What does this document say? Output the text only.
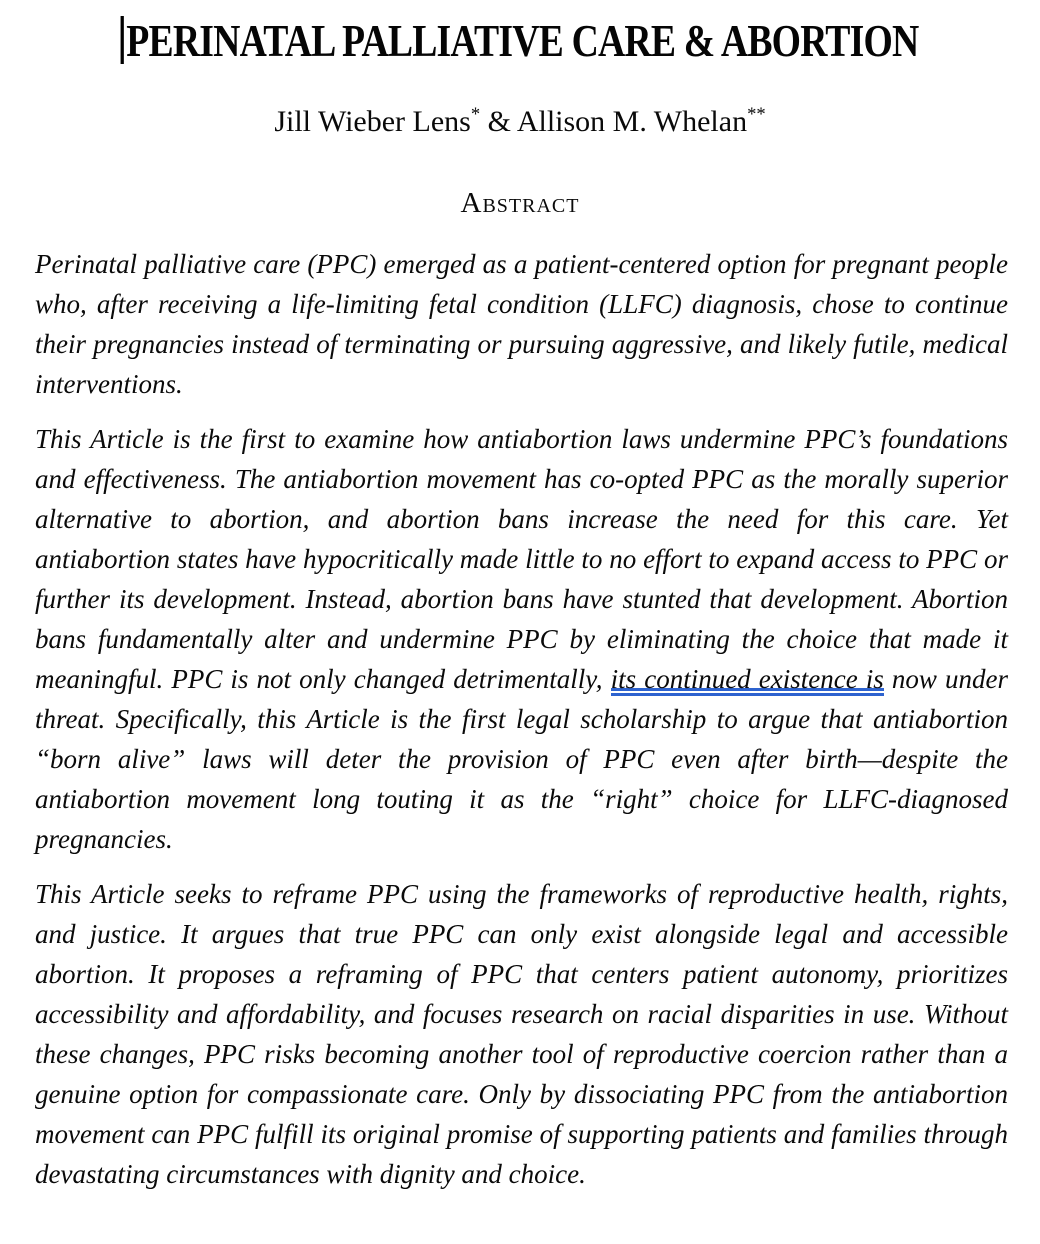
PERINATAL PALLIATIVE CARE & ABORTION
Jill Wieber Lens* & Allison M. Whelan**
Abstract

Perinatal palliative care (PPC) emerged as a patient-centered option for pregnant people who, after receiving a life-limiting fetal condition (LLFC) diagnosis, chose to continue their pregnancies instead of terminating or pursuing aggressive, and likely futile, medical interventions.

This Article is the first to examine how antiabortion laws undermine PPC’s foundations and effectiveness. The antiabortion movement has co-opted PPC as the morally superior alternative to abortion, and abortion bans increase the need for this care. Yet antiabortion states have hypocritically made little to no effort to expand access to PPC or further its development. Instead, abortion bans have stunted that development. Abortion bans fundamentally alter and undermine PPC by eliminating the choice that made it meaningful. PPC is not only changed detrimentally, its continued existence is now under threat. Specifically, this Article is the first legal scholarship to argue that antiabortion “born alive” laws will deter the provision of PPC even after birth—despite the antiabortion movement long touting it as the “right” choice for LLFC-diagnosed pregnancies.

This Article seeks to reframe PPC using the frameworks of reproductive health, rights, and justice. It argues that true PPC can only exist alongside legal and accessible abortion. It proposes a reframing of PPC that centers patient autonomy, prioritizes accessibility and affordability, and focuses research on racial disparities in use. Without these changes, PPC risks becoming another tool of reproductive coercion rather than a genuine option for compassionate care. Only by dissociating PPC from the antiabortion movement can PPC fulfill its original promise of supporting patients and families through devastating circumstances with dignity and choice.
